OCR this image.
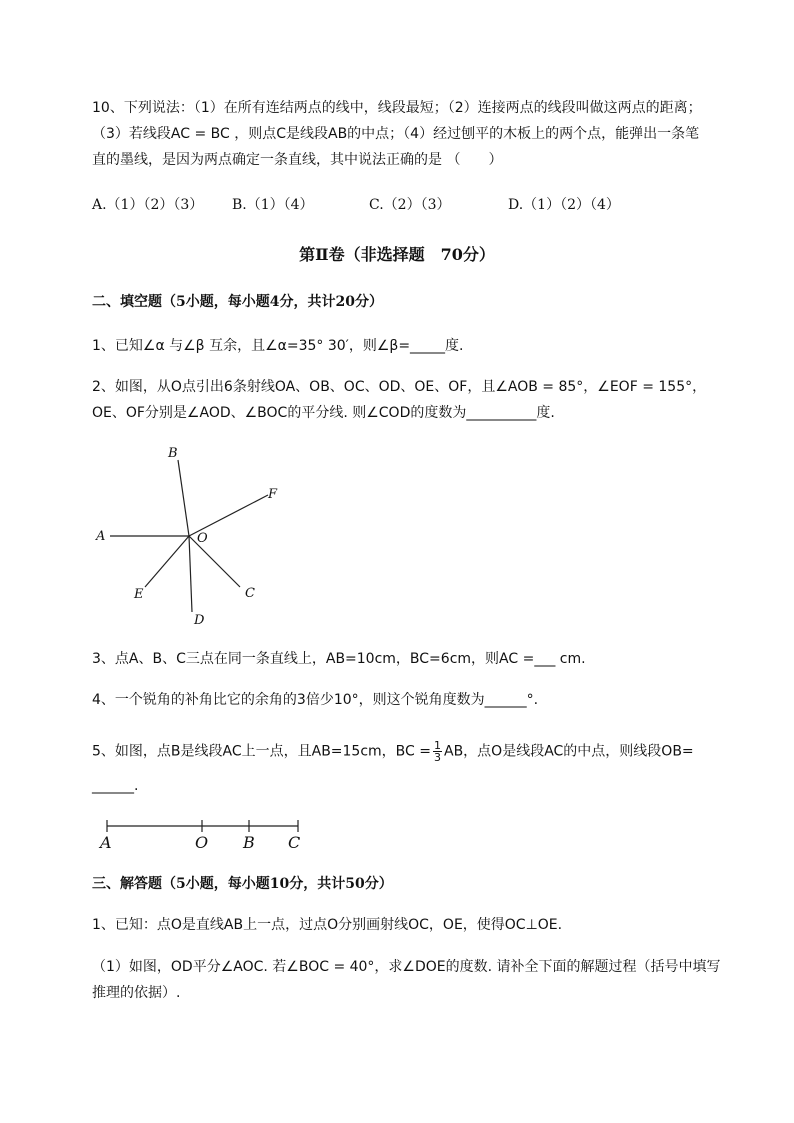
10、下列说法：（1）在所有连结两点的线中，线段最短；（2）连接两点的线段叫做这两点的距离；
（3）若线段AC = BC ，则点C是线段AB的中点；（4）经过刨平的木板上的两个点，能弹出一条笔
直的墨线，是因为两点确定一条直线，其中说法正确的是 （　　）
A.（1）（2）（3） B.（1）（4）	C.（2）（3）	D.（1）（2）（4）
第Ⅱ卷（非选择题　70分）
二、填空题（5小题，每小题4分，共计20分）
1、已知∠α 与∠β 互余，且∠α=35° 30′，则∠β=_____度.
2、如图，从O点引出6条射线OA、OB、OC、OD、OE、OF，且∠AOB = 85°，∠EOF = 155°，
OE、OF分别是∠AOD、∠BOC的平分线. 则∠COD的度数为__________度.
B
F
A	O
E	C
D
3、点A、B、C三点在同一条直线上，AB=10cm，BC=6cm，则AC =___ cm.
4、一个锐角的补角比它的余角的3倍少10°，则这个锐角度数为______°.
5、如图，点B是线段AC上一点，且AB=15cm，BC = $\frac{1}{3}$ AB，点O是线段AC的中点，则线段OB=
______.
A	O B C
三、解答题（5小题，每小题10分，共计50分）
1、已知：点O是直线AB上一点，过点O分别画射线OC，OE，使得OC⊥OE.
（1）如图，OD平分∠AOC. 若∠BOC = 40°，求∠DOE的度数. 请补全下面的解题过程（括号中填写
推理的依据）.
